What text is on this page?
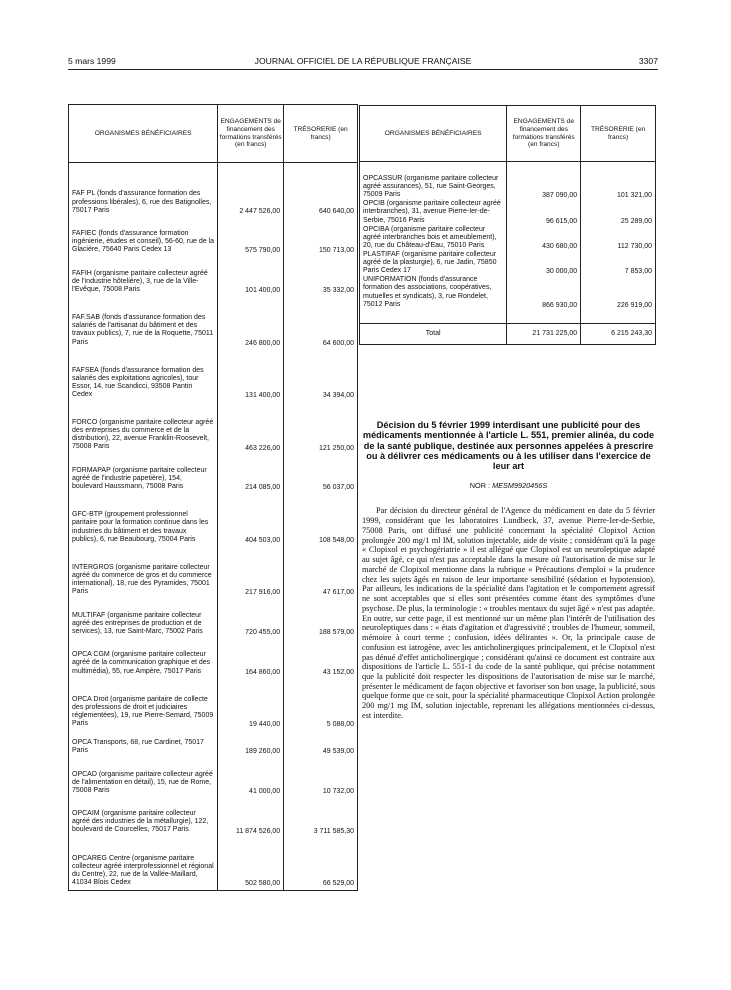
5 mars 1999	JOURNAL OFFICIEL DE LA RÉPUBLIQUE FRANÇAISE	3307
ORGANISMES BÉNÉFICIAIRES	ENGAGEMENTS de financement des formations transférés (en francs)	TRÉSORERIE (en francs)

FAF PL (fonds d'assurance formation des professions libérales), 6, rue des Batignolles, 75017 Paris	2 447 526,00	640 640,00
FAFIEC (fonds d'assurance formation ingénierie, études et conseil), 56-60, rue de la Glacière, 75640 Paris Cedex 13	575 790,00	150 713,00
FAFIH (organisme paritaire collecteur agréé de l'industrie hôtelière), 3, rue de la Ville-l'Evêque, 75008 Paris	101 400,00	35 332,00
FAF.SAB (fonds d'assurance formation des salariés de l'artisanat du bâtiment et des travaux publics), 7, rue de la Roquette, 75011 Paris	246 800,00	64 600,00
FAFSEA (fonds d'assurance formation des salariés des exploitations agricoles), tour Essor, 14, rue Scandicci, 93508 Pantin Cedex	131 400,00	34 394,00
FORCO (organisme paritaire collecteur agréé des entreprises du commerce et de la distribution), 22, avenue Franklin-Roosevelt, 75008 Paris	463 226,00	121 250,00
FORMAPAP (organisme paritaire collecteur agréé de l'industrie papetière), 154, boulevard Haussmann, 75008 Paris	214 085,00	56 037,00
GFC-BTP (groupement professionnel paritaire pour la formation continue dans les industries du bâtiment et des travaux publics), 6, rue Beaubourg, 75004 Paris	404 503,00	108 548,00
INTERGROS (organisme paritaire collecteur agréé du commerce de gros et du commerce international), 18, rue des Pyramides, 75001 Paris	217 916,00	47 617,00
MULTIFAF (organisme paritaire collecteur agréé des entreprises de production et de services), 13, rue Saint-Marc, 75002 Paris	720 455,00	188 579,00
OPCA CGM (organisme paritaire collecteur agréé de la communication graphique et des multimédia), 55, rue Ampère, 75017 Paris	164 860,00	43 152,00
OPCA Droit (organisme paritaire de collecte des professions de droit et judiciaires réglementées), 19, rue Pierre-Semard, 75009 Paris	19 440,00	5 088,00
OPCA Transports, 68, rue Cardinet, 75017 Paris	189 260,00	49 539,00
OPCAD (organisme paritaire collecteur agréé de l'alimentation en détail), 15, rue de Rome, 75008 Paris	41 000,00	10 732,00
OPCAIM (organisme paritaire collecteur agréé des industries de la métallurgie), 122, boulevard de Courcelles, 75017 Paris	11 874 526,00	3 711 585,30
OPCAREG Centre (organisme paritaire collecteur agréé interprofessionnel et régional du Centre), 22, rue de la Vallée-Maillard, 41034 Blois Cedex	502 580,00	66 529,00

ORGANISMES BÉNÉFICIAIRES	ENGAGEMENTS de financement des formations transférés (en francs)	TRÉSORERIE (en francs)

OPCASSUR (organisme paritaire collecteur agréé assurances), 51, rue Saint-Georges, 75009 Paris	387 090,00	101 321,00
OPCIB (organisme paritaire collecteur agréé interbranches), 31, avenue Pierre-Ier-de-Serbie, 75016 Paris	96 615,00	25 289,00
OPCIBA (organisme paritaire collecteur agréé interbranches bois et ameublement), 20, rue du Château-d'Eau, 75010 Paris	430 680,00	112 730,00
PLASTIFAF (organisme paritaire collecteur agréé de la plasturgie), 6, rue Jadin, 75850 Paris Cedex 17	30 000,00	7 853,00
UNIFORMATION (fonds d'assurance formation des associations, coopératives, mutuelles et syndicats), 3, rue Rondelet, 75012 Paris	866 930,00	226 919,00

Total	21 731 225,00	6 215 243,30
Décision du 5 février 1999 interdisant une publicité pour des médicaments mentionnée à l'article L. 551, premier alinéa, du code de la santé publique, destinée aux personnes appelées à prescrire ou à délivrer ces médicaments ou à les utiliser dans l'exercice de leur art
NOR : MESM9920456S
Par décision du directeur général de l'Agence du médicament en date du 5 février 1999, considérant que les laboratoires Lundbeck, 37, avenue Pierre-Ier-de-Serbie, 75008 Paris, ont diffusé une publicité concernant la spécialité Clopixol Action prolongée 200 mg/1 ml IM, solution injectable, aide de visite ; considérant qu'à la page « Clopixol et psychogériatrie » il est allégué que Clopixol est un neuroleptique adapté au sujet âgé, ce qui n'est pas acceptable dans la mesure où l'autorisation de mise sur le marché de Clopixol mentionne dans la rubrique « Précautions d'emploi » la prudence chez les sujets âgés en raison de leur importante sensibilité (sédation et hypotension). Par ailleurs, les indications de la spécialité dans l'agitation et le comportement agressif ne sont acceptables que si elles sont présentées comme étant des symptômes d'une psychose. De plus, la terminologie : « troubles mentaux du sujet âgé » n'est pas adaptée. En outre, sur cette page, il est mentionné sur un même plan l'intérêt de l'utilisation des neuroleptiques dans : « états d'agitation et d'agressivité ; troubles de l'humeur, sommeil, mémoire à court terme ; confusion, idées délirantes ». Or, la principale cause de confusion est iatrogène, avec les anticholinergiques principalement, et le Clopixol n'est pas dénué d'effet anticholinergique ; considérant qu'ainsi ce document est contraire aux dispositions de l'article L. 551-1 du code de la santé publique, qui précise notamment que la publicité doit respecter les dispositions de l'autorisation de mise sur le marché, présenter le médicament de façon objective et favoriser son bon usage, la publicité, sous quelque forme que ce soit, pour la spécialité pharmaceutique Clopixol Action prolongée 200 mg/1 mg IM, solution injectable, reprenant les allégations mentionnées ci-dessus, est interdite.
